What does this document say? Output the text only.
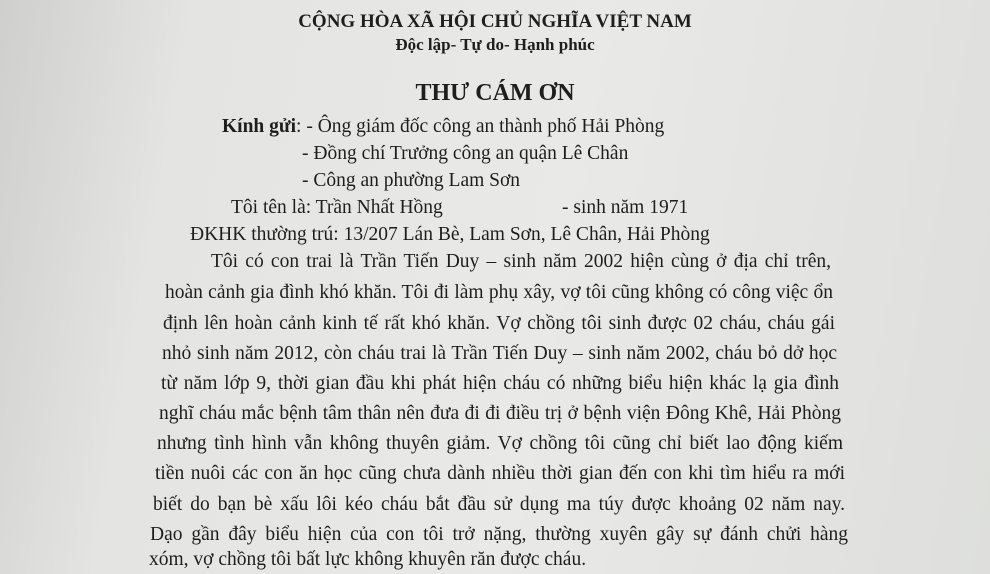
CỘNG HÒA XÃ HỘI CHỦ NGHĨA VIỆT NAM
Độc lập- Tự do- Hạnh phúc
THƯ CÁM ƠN
Kính gửi: - Ông giám đốc công an thành phố Hải Phòng
- Đồng chí Trưởng công an quận Lê Chân
- Công an phường Lam Sơn
Tôi tên là: Trần Nhất Hồng	- sinh năm 1971
ĐKHK thường trú: 13/207 Lán Bè, Lam Sơn, Lê Chân, Hải Phòng
Tôi có con trai là Trần Tiến Duy – sinh năm 2002 hiện cùng ở địa chỉ trên,
hoàn cảnh gia đình khó khăn. Tôi đi làm phụ xây, vợ tôi cũng không có công việc ổn
định lên hoàn cảnh kinh tế rất khó khăn. Vợ chồng tôi sinh được 02 cháu, cháu gái
nhỏ sinh năm 2012, còn cháu trai là Trần Tiến Duy – sinh năm 2002, cháu bỏ dở học
từ năm lớp 9, thời gian đầu khi phát hiện cháu có những biểu hiện khác lạ gia đình
nghĩ cháu mắc bệnh tâm thân nên đưa đi đi điều trị ở bệnh viện Đông Khê, Hải Phòng
nhưng tình hình vẫn không thuyên giảm. Vợ chồng tôi cũng chỉ biết lao động kiếm
tiền nuôi các con ăn học cũng chưa dành nhiều thời gian đến con khi tìm hiểu ra mới
biết do bạn bè xấu lôi kéo cháu bắt đầu sử dụng ma túy được khoảng 02 năm nay.
Dạo gần đây biểu hiện của con tôi trở nặng, thường xuyên gây sự đánh chửi hàng
xóm, vợ chồng tôi bất lực không khuyên răn được cháu.
